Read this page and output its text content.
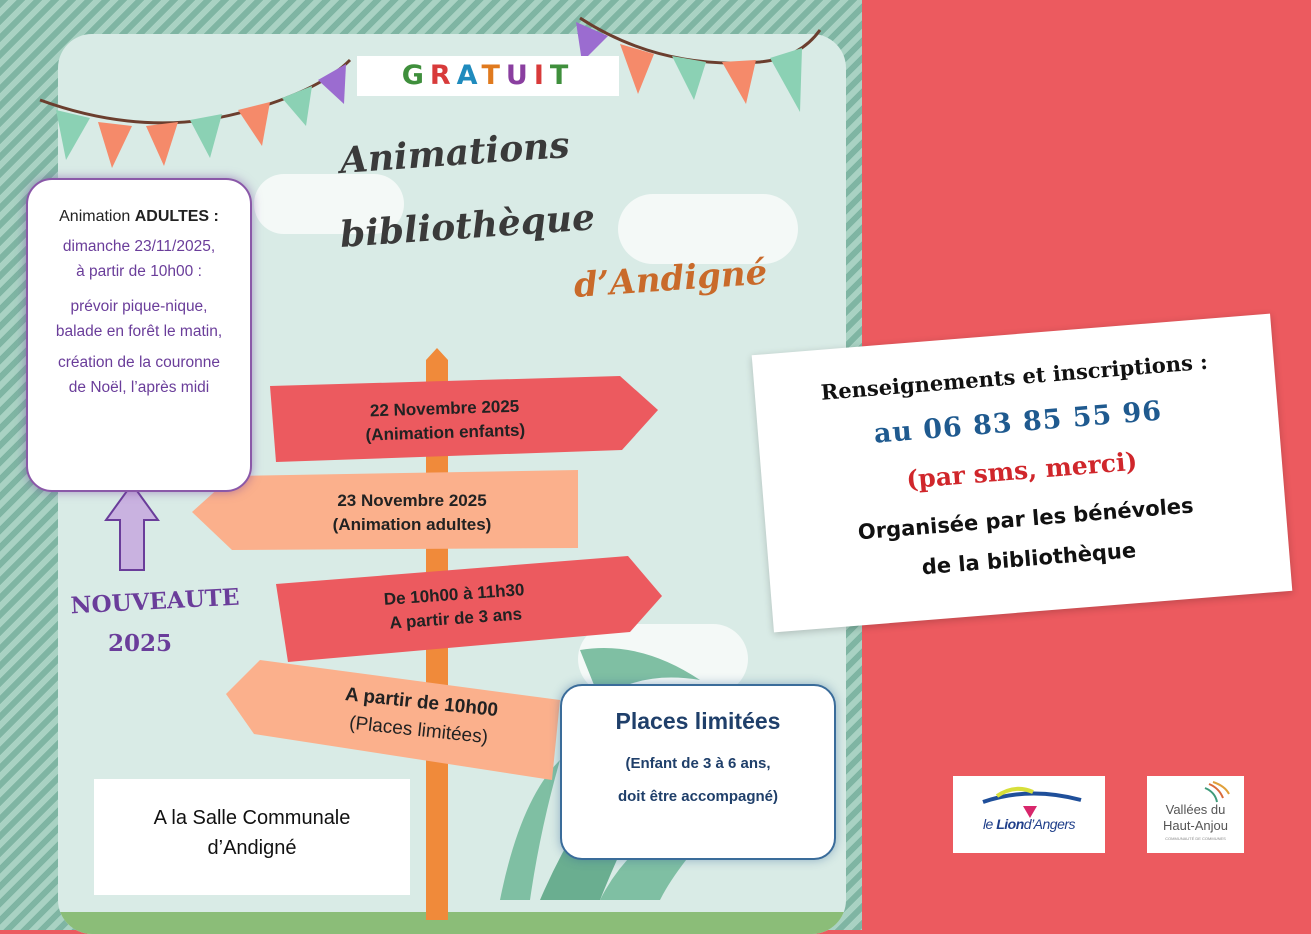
GRATUIT
Animations
bibliothèque
d’Andigné
Animation ADULTES :
dimanche 23/11/2025,
à partir de 10h00 :
prévoir pique-nique,
balade en forêt le matin,
création de la couronne
de Noël, l’après midi
22 Novembre 2025
(Animation enfants)
23 Novembre 2025
(Animation adultes)
De 10h00 à 11h30
A partir de 3 ans
A partir de 10h00
(Places limitées)
NOUVEAUTE
2025
A la Salle Communale
d’Andigné
Places limitées
(Enfant de 3 à 6 ans,
doit être accompagné)
Renseignements et inscriptions :
au 06 83 85 55 96
(par sms, merci)
Organisée par les bénévoles
de la bibliothèque
le Liond’Angers
Vallées du
Haut-Anjou
COMMUNAUTÉ DE COMMUNES
